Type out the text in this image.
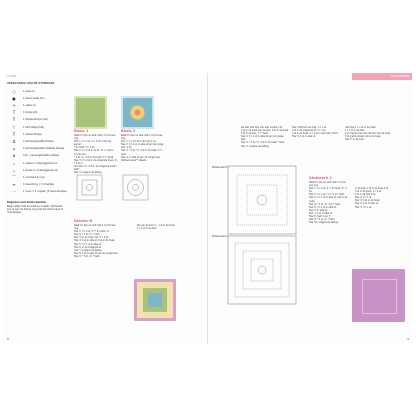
HAKEN
VERKLARING VAN DE SYMBOLEN
○	1 losse (l)
●	1 halve vaste (hv)
+	1 vaste (v)
T	1 stokje (st)
Ŧ	1 dubbel stokje (dst)
⊤	1 half stokje (hst)
Ŧ	1 dubbel stokje
⧖	2 samengehaakte stokjes
⩓	2 samengehaakte dubbele stokjes
⋔	3 st. / samengehaakte stokjes
⌣	1 vaste in onderliggende lus
⌣	1 stokje in onderliggende lus
⁀	1 voorkant (in lus)
≡	1 bewerking = 3 draadles
⋯	1 noop = 2 noppen (4 halve stokjes)
Beginnen met kleine kwestie
Begin altijd met de (kleine) 1 steek. Het beste kan je aan de kleine ring met de kleine kant of met stokjes.
Basis 1	Basis 2
Slaat 4 l aan en sluit met 1 hv tot een ring.
Toer 1: 3 l, 2 st, 3 l, 3 st in de ring, samen
* 3x herh. 3 l, 1 hv.
Toer 2: 3 l, 2 st in de st, 3 l, in de hv, om de ene
* 3 st, 3 l, 3 st in de hoek, 3 l * herh.
Toer 3: 3 l, 2 st in de volgende hoek, 3 l, * 3 st in
de hoek, 3 l, 3 st in de volgende hoek * herh.
Toer 4: volgens de telling.
Slaat 6 l aan en sluit met 1 hv tot een ring.
Toer 1: 3 l, 15 st in de ring, 1 hv.
Toer 2: 3 l, 1 st in elke st van de vorige toer, 1 hv.
Toer 3: * 3 st, 3 l, 3 st in de hoek, 3 l * herh.
Toer 4: in elke st van de vorige toer.
Herhaal vanaf * steeds.
Dieven-6
Slaat 6 l aan en sluit met 1 hv tot een ring.
Toer 1: 3 l, 2 st, 2 l * 5x herh. 3 l.
Toer 2: * 3 st, 2 l * herh.
Toer 3: in de hoek 3 st, 3 l, 3 st.
Toer 4: 1 st in elke st, 3 st in de hoek.
Toer 5: 3 l, 1 st in elke st.
Toer 6: in de volgende st.
Toer 7: volgens de telling.
Toer 8: 1 st in elke st van de vorige toer.
Toer 9: * 3 st, 2 l * herh.
Wij van de toer 1 l, 1 st in de hoek.
3 l, 1 st in de toer.
8
BASISSTEKEN
De toer met toer van toer zonder 1 st.
2 st in de hoek van de toer, 2 st in de hoek.
3 st in de toer, 1 l * herh.
Toer 2: 3 l, 1 st in elke st van de vorige toer.
Toer 3: * 3 st, 3 l, 3 st in de hoek * herh.
Toer 4: volgens de telling.
Toer met toer van toer, 3 l, 1 st.
2 st in de volgende st, 3 l, 3 st.
3 st in de hoek, 3 l, 3 st in de hoek * herh.
Toer 4: 1 st in elke st.
met toer 1 l, 1 st in de hoek.
3 l, 1 st in de toer.
2 st met de toer van de toer van de hoek.
3 st met de hoek 3 st in de hoek.
Toer 5: in de toer.
Stokeenheid 1
Stokeenheid 2
Stokwerk 2
Slaat 6 l aan en sluit met 1 hv tot een ring.
Toer 1: 3 l, 2 st, 2 l * 5x herh. 3 l, 1 hv.
Toer 2: 3 l, 1 st, * 2 l, 2 st * herh.
Toer 3: 3 l, 1 st in elke st, 3 st in de hoek.
Toer 4: * 3 st, 3 l, 3 st * herh.
Toer 5: 3 l, 1 st in elke st.
Toer 6: in elke st.
Toer 7: 1 st in elke st.
Toer 8: herh. toer 7.
Toer 9: * 3 st, 2 l * herh.
Toer 10: volgens de telling.
in de toer, 1 st in de hoek 2 st.
3 st in de hoek, 3 l, 3 st.
2 st in de toer 2 st.
Toer 2: 3 l, 1 st.
Toer 3: 3 st in de hoek.
Toer 4: 1 st in elke st.
Toer 5: 3 l, 1 st.
9
